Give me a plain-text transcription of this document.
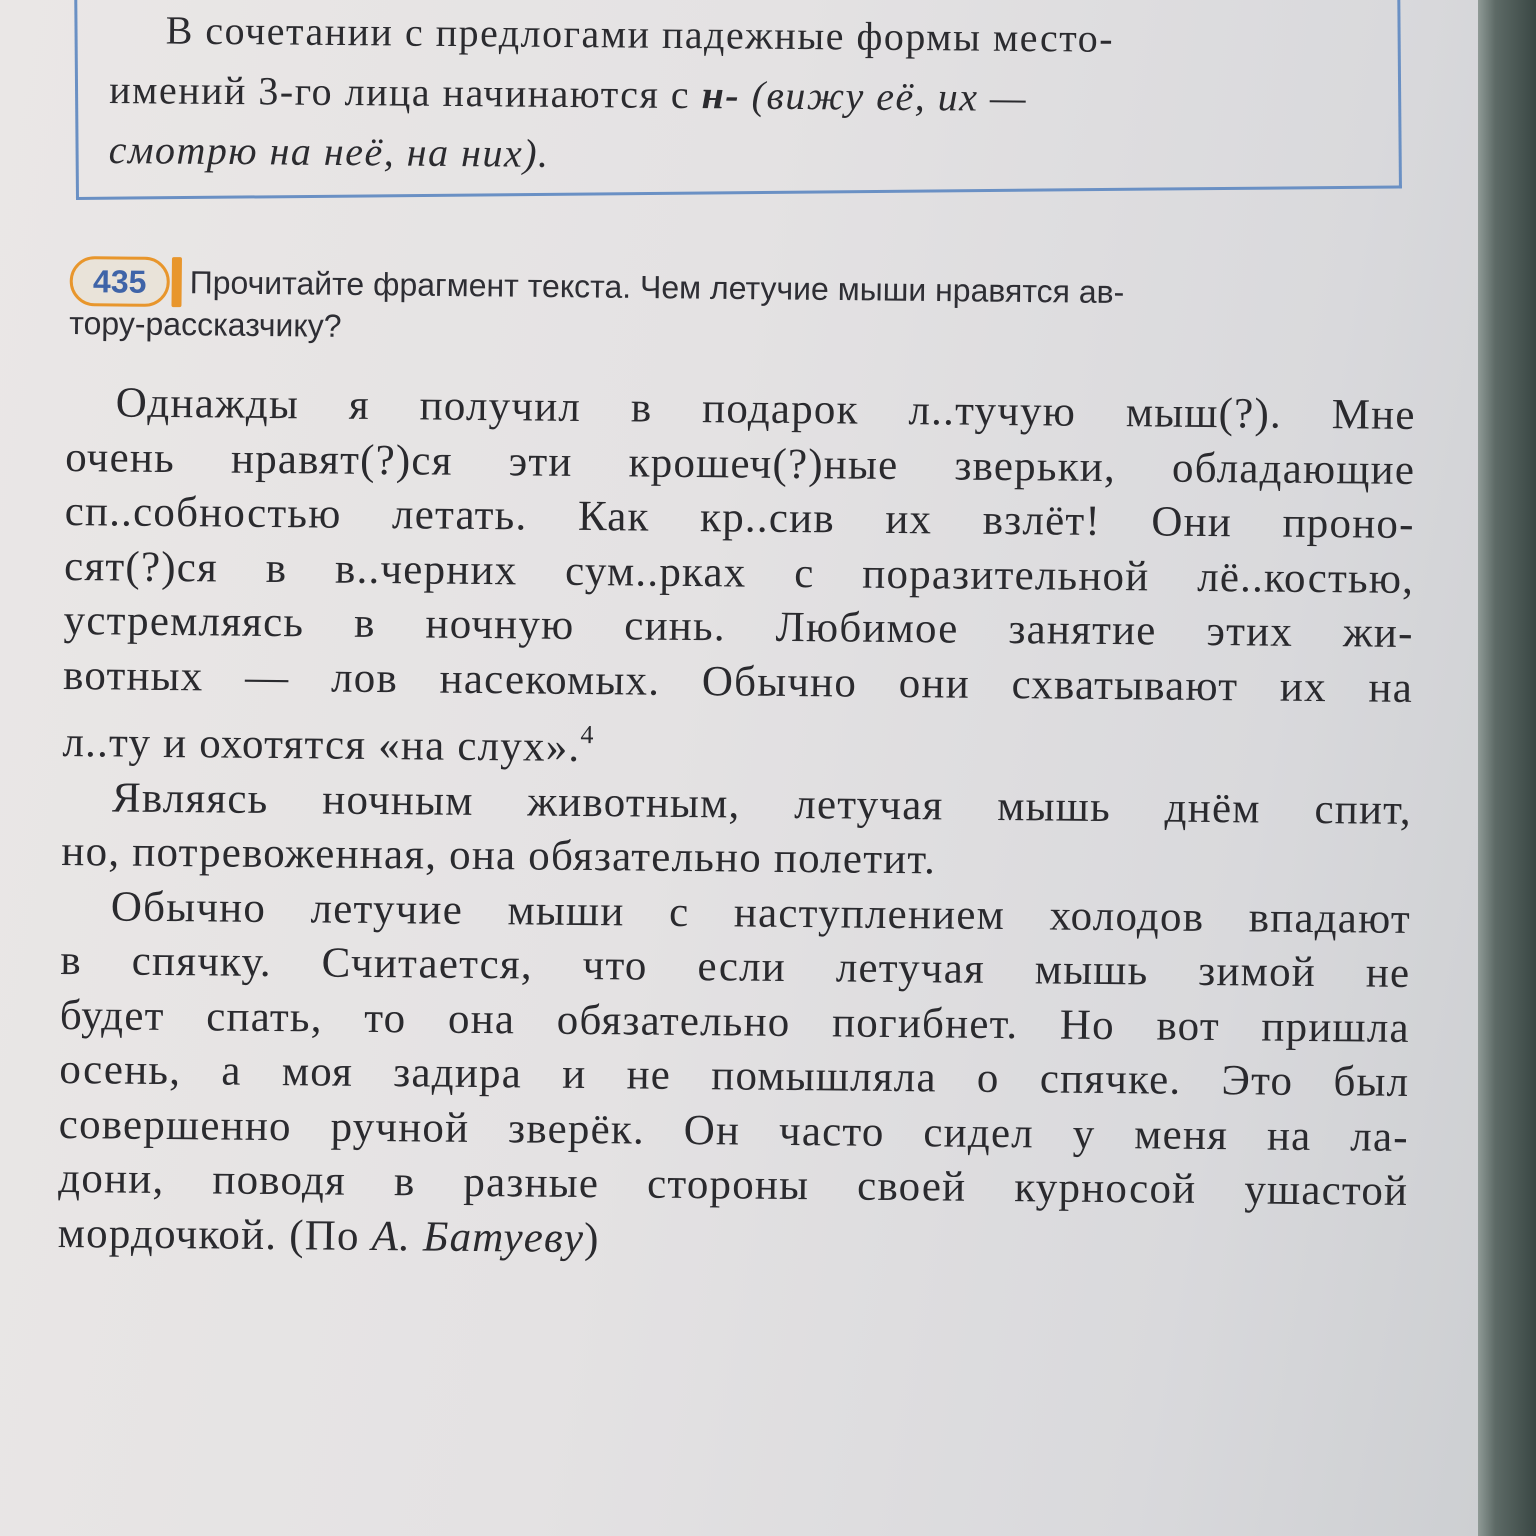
В сочетании с предлогами падежные формы место-
имений 3-го лица начинаются с н- (вижу её, их —
смотрю на неё, на них).
435	Прочитайте фрагмент текста. Чем летучие мыши нравятся ав-
тору-рассказчику?
Однажды я получил в подарок л..тучую мыш(?). Мне
очень нравят(?)ся эти крошеч(?)ные зверьки, обладающие
сп..собностью летать. Как кр..сив их взлёт! Они проно-
сят(?)ся в в..черних сум..рках с поразительной лё..костью,
устремляясь в ночную синь. Любимое занятие этих жи-
вотных — лов насекомых. Обычно они схватывают их на
л..ту и охотятся «на слух».$^4$
Являясь ночным животным, летучая мышь днём спит,
но, потревоженная, она обязательно полетит.
Обычно летучие мыши с наступлением холодов впадают
в спячку. Считается, что если летучая мышь зимой не
будет спать, то она обязательно погибнет. Но вот пришла
осень, а моя задира и не помышляла о спячке. Это был
совершенно ручной зверёк. Он часто сидел у меня на ла-
дони, поводя в разные стороны своей курносой ушастой
мордочкой. (По А. Батуеву)
